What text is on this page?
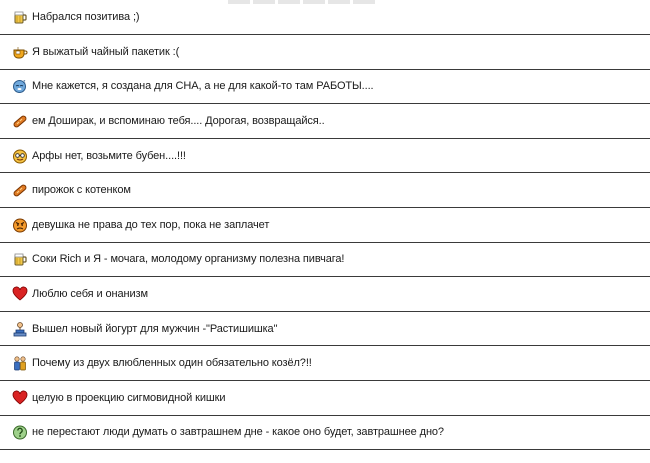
Набрался позитива ;)
Я выжатый чайный пакетик :(
z Мне кажется, я создана для СНА, а не для какой-то там РАБОТЫ....
ем Доширак, и вспоминаю тебя.... Дорогая, возвращайся..
Арфы нет, возьмите бубен....!!!
пирожок с котенком
девушка не права до тех пор, пока не заплачет
Соки Rich и Я - мочага, молодому организму полезна пивчага!
Люблю себя и онанизм
Вышел новый йогурт для мужчин -"Растишишка"
Почему из двух влюбленных один обязательно козёл?!!
целую в проекцию сигмовидной кишки
не перестают люди думать о завтрашнем дне - какое оно будет, завтрашнее дно?
